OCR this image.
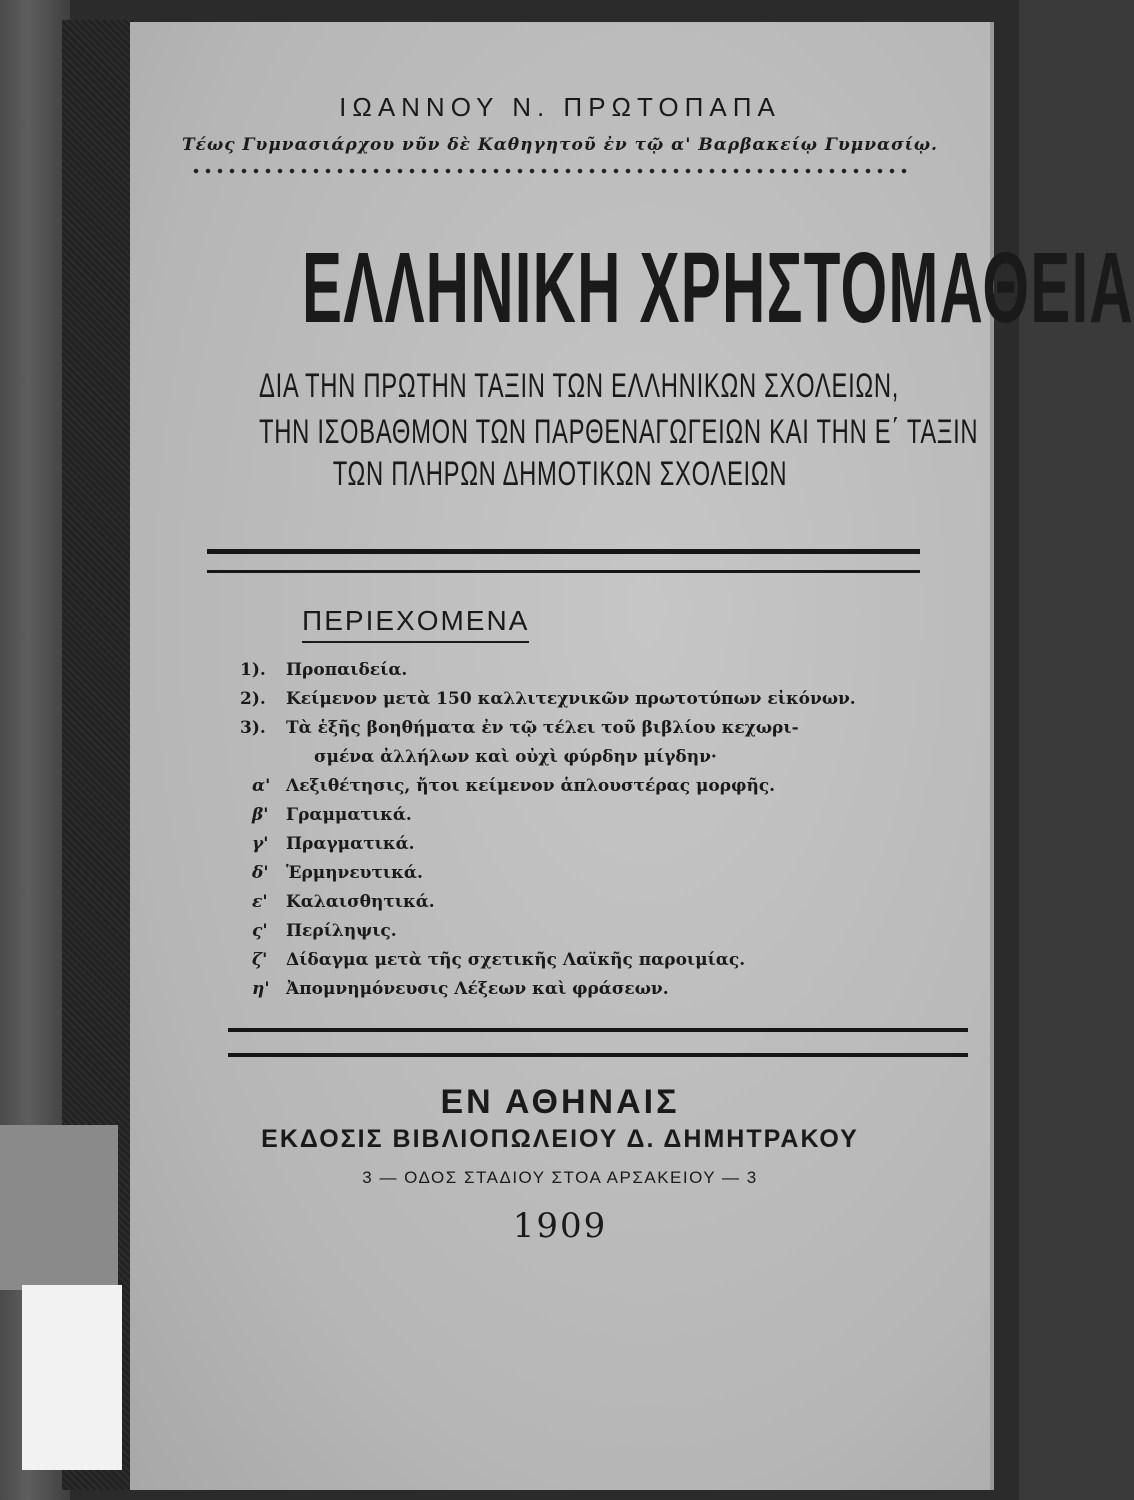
ΙΩΑΝΝΟΥ Ν. ΠΡΩΤΟΠΑΠΑ
Τέως Γυμνασιάρχου νῦν δὲ Καθηγητοῦ ἐν τῷ α' Βαρβακείῳ Γυμνασίῳ.
ΕΛΛΗΝΙΚΗ ΧΡΗΣΤΟΜΑΘΕΙΑ
ΔΙΑ ΤΗΝ ΠΡΩΤΗΝ ΤΑΞΙΝ ΤΩΝ ΕΛΛΗΝΙΚΩΝ ΣΧΟΛΕΙΩΝ,
ΤΗΝ ΙΣΟΒΑΘΜΟΝ ΤΩΝ ΠΑΡΘΕΝΑΓΩΓΕΙΩΝ ΚΑΙ ΤΗΝ Ε΄ ΤΑΞΙΝ
ΤΩΝ ΠΛΗΡΩΝ ΔΗΜΟΤΙΚΩΝ ΣΧΟΛΕΙΩΝ
ΠΕΡΙΕΧΟΜΕΝΑ
1). Προπαιδεία.
2). Κείμενον μετὰ 150 καλλιτεχνικῶν πρωτοτύπων εἰκόνων.
3). Τὰ ἑξῆς βοηθήματα ἐν τῷ τέλει τοῦ βιβλίου κεχωρι-
σμένα ἀλλήλων καὶ οὐχὶ φύρδην μίγδην·
α' Λεξιθέτησις, ἤτοι κείμενον ἁπλουστέρας μορφῆς.
β' Γραμματικά.
γ' Πραγματικά.
δ' Ἑρμηνευτικά.
ε' Καλαισθητικά.
ς' Περίληψις.
ζ' Δίδαγμα μετὰ τῆς σχετικῆς Λαϊκῆς παροιμίας.
η' Ἀπομνημόνευσις Λέξεων καὶ φράσεων.
ΕΝ ΑΘΗΝΑΙΣ
ΕΚΔΟΣΙΣ ΒΙΒΛΙΟΠΩΛΕΙΟΥ Δ. ΔΗΜΗΤΡΑΚΟΥ
3 — ΟΔΟΣ ΣΤΑΔΙΟΥ ΣΤΟΑ ΑΡΣΑΚΕΙΟΥ — 3
1909
